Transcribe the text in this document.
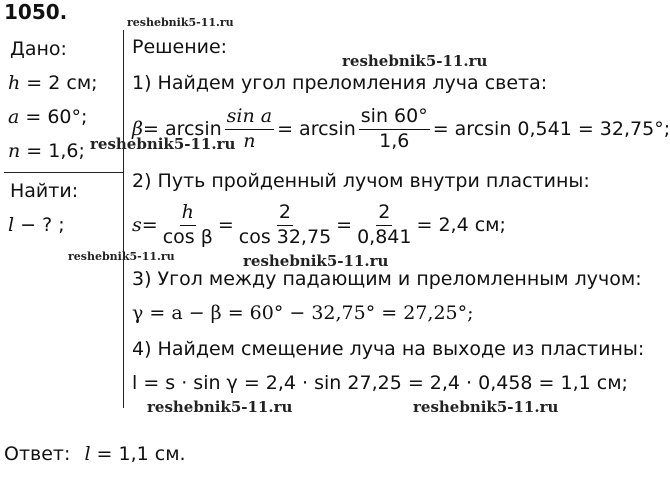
1050.
Дано:
h = 2 см;
a = 60°;
n = 1,6;
Найти:
l − ? ;
Решение:
1) Найдем угол преломления луча света:
$\beta = \arcsin \frac{\text{sin a}}{n} = \arcsin \frac{\sin 60^\circ}{1,6} = \arcsin 0,541 = 32,75^\circ$;
2) Путь пройденный лучом внутри пластины:
$s = \frac{h}{\text{cos β}} = \frac{2}{\cos 32,75} = \frac{2}{0,841} = 2,4$ см;
3) Угол между падающим и преломленным лучом:
γ = a − β = 60° − 32,75° = 27,25°;
4) Найдем смещение луча на выходе из пластины:
l = s · sin γ = 2,4 · sin 27,25 = 2,4 · 0,458 = 1,1 см;
Ответ: l = 1,1 см.
reshebnik5-11.ru
reshebnik5-11.ru
reshebnik5-11.ru
reshebnik5-11.ru	reshebnik5-11.ru
reshebnik5-11.ru	reshebnik5-11.ru
